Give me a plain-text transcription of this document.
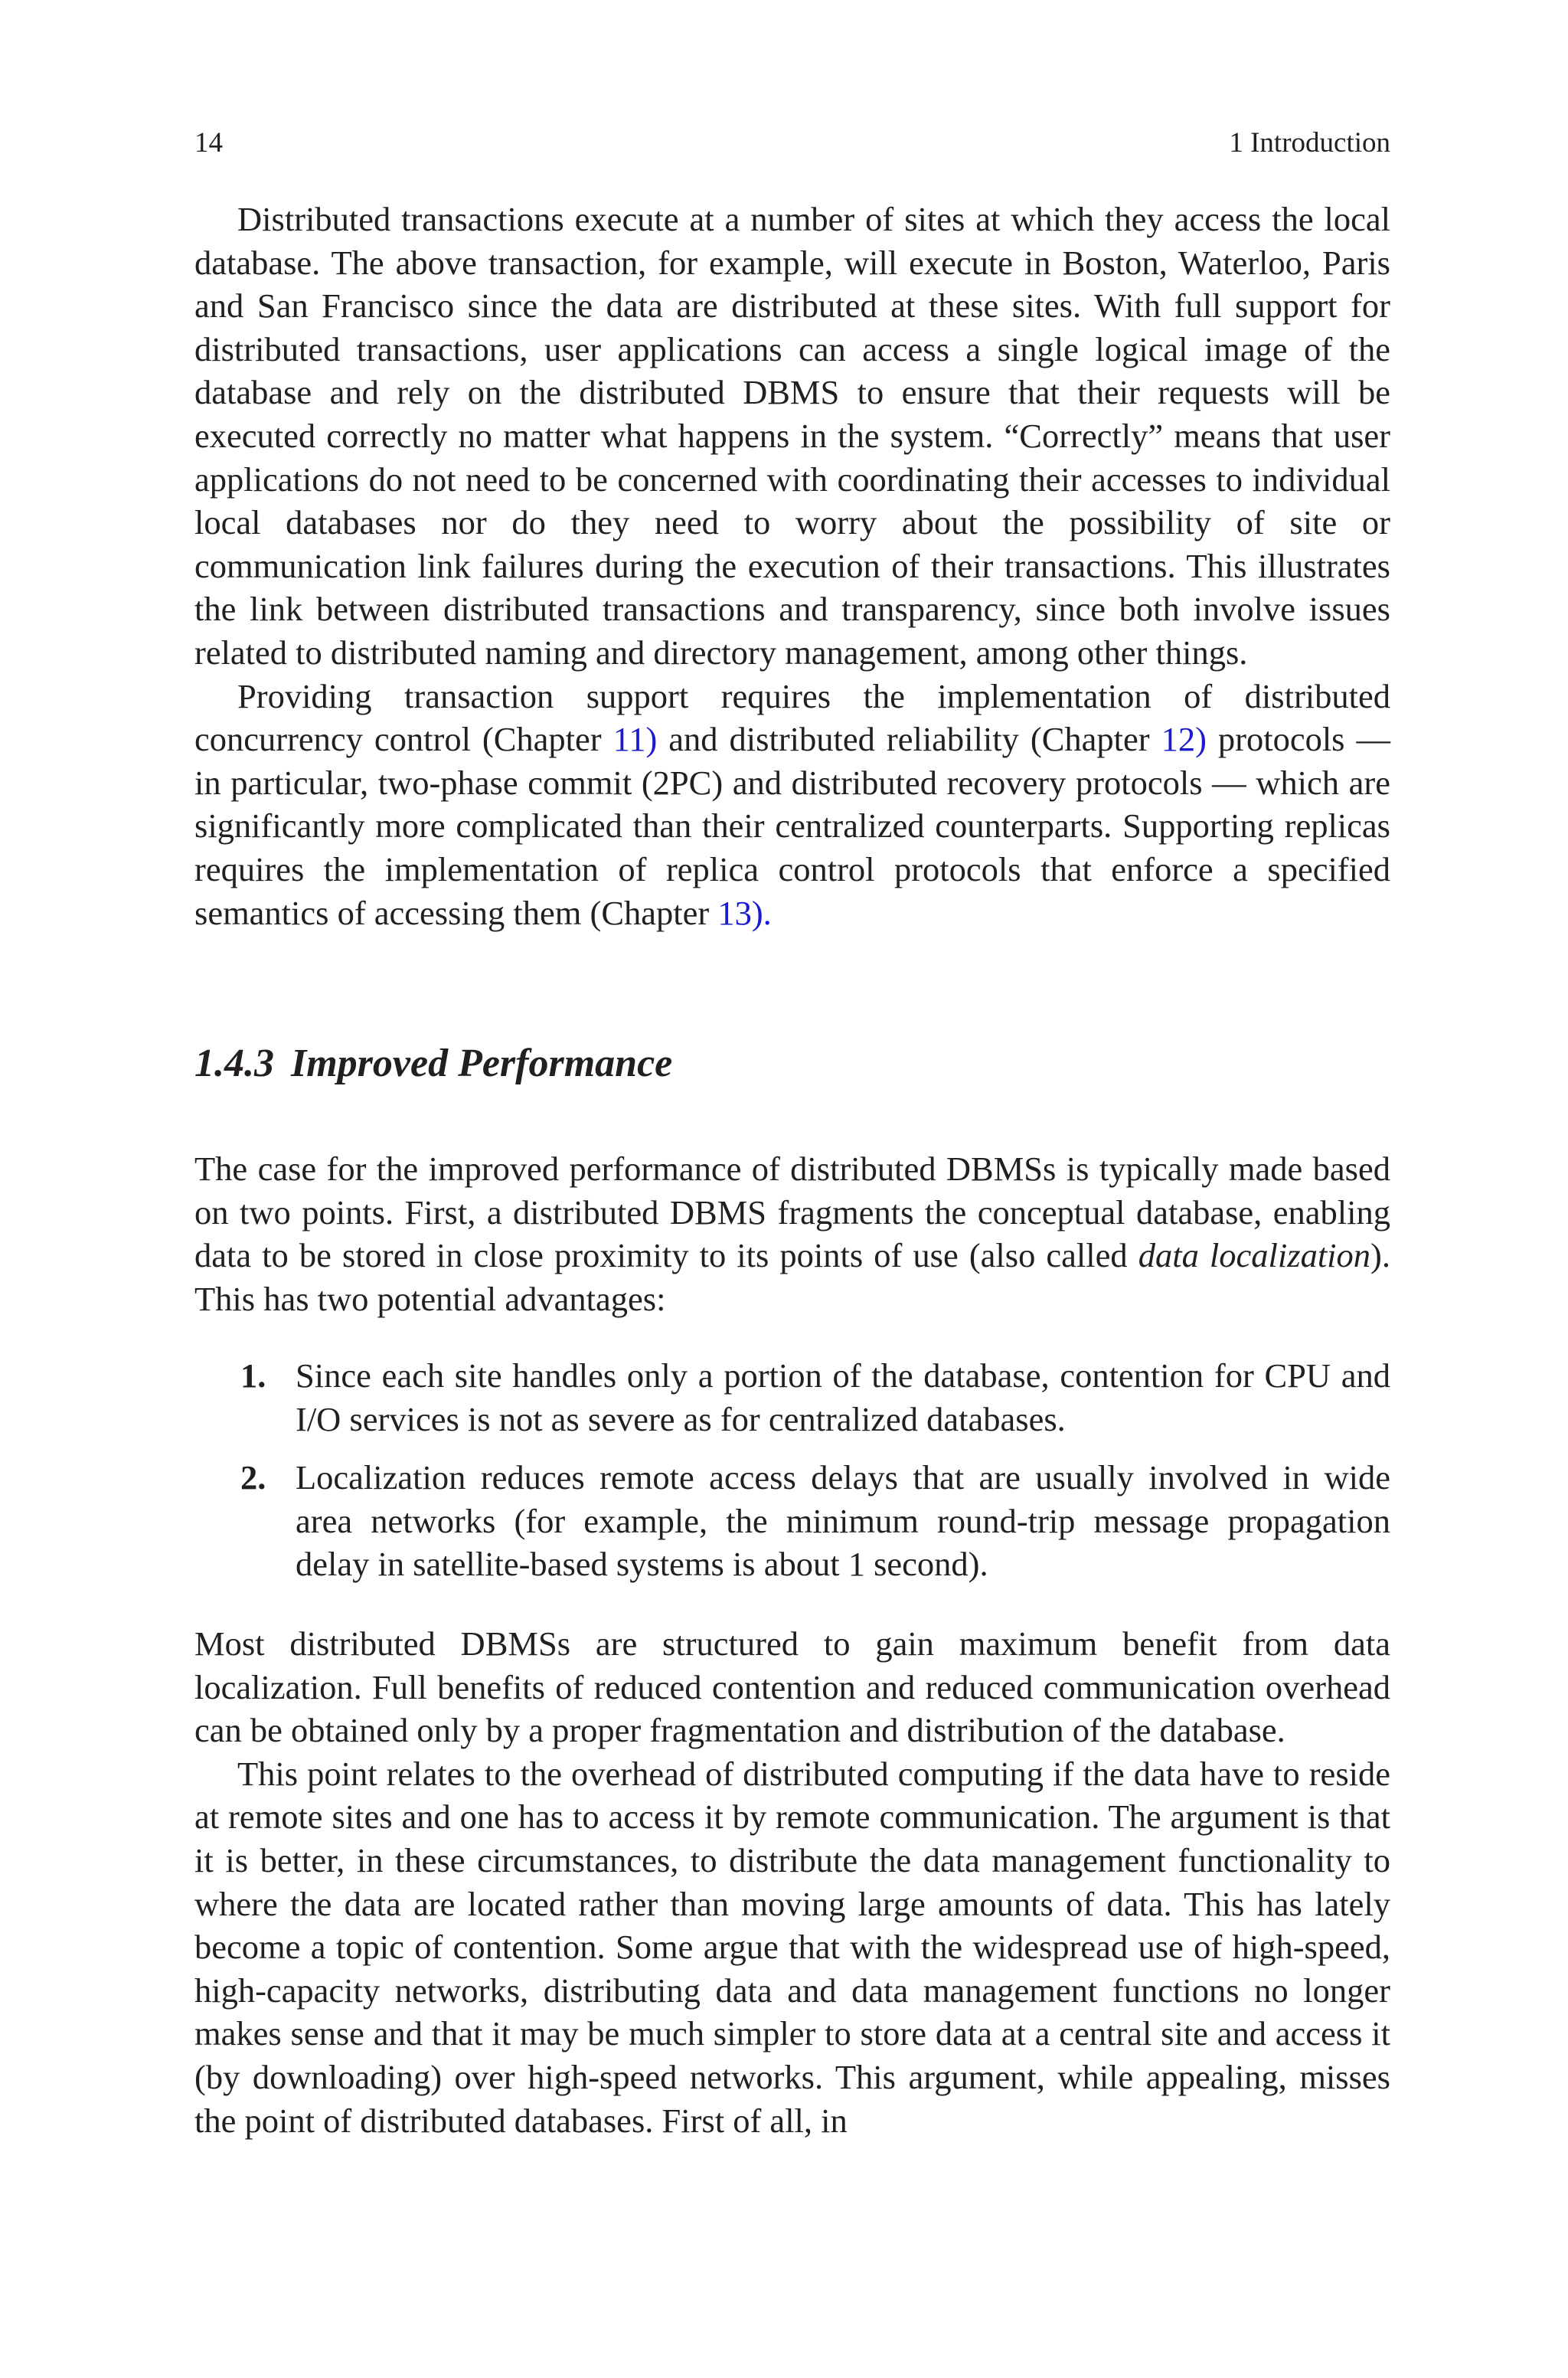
14	1 Introduction

Distributed transactions execute at a number of sites at which they access the local database. The above transaction, for example, will execute in Boston, Waterloo, Paris and San Francisco since the data are distributed at these sites. With full support for distributed transactions, user applications can access a single logical image of the database and rely on the distributed DBMS to ensure that their requests will be executed correctly no matter what happens in the system. “Correctly” means that user applications do not need to be concerned with coordinating their accesses to individual local databases nor do they need to worry about the possibility of site or communication link failures during the execution of their transactions. This illustrates the link between distributed transactions and transparency, since both involve issues related to distributed naming and directory management, among other things.

Providing transaction support requires the implementation of distributed concurrency control (Chapter 11) and distributed reliability (Chapter 12) protocols — in particular, two-phase commit (2PC) and distributed recovery protocols — which are significantly more complicated than their centralized counterparts. Supporting replicas requires the implementation of replica control protocols that enforce a specified semantics of accessing them (Chapter 13).

1.4.3 Improved Performance

The case for the improved performance of distributed DBMSs is typically made based on two points. First, a distributed DBMS fragments the conceptual database, enabling data to be stored in close proximity to its points of use (also called data localization). This has two potential advantages:

1. Since each site handles only a portion of the database, contention for CPU and I/O services is not as severe as for centralized databases.
2. Localization reduces remote access delays that are usually involved in wide area networks (for example, the minimum round-trip message propagation delay in satellite-based systems is about 1 second).

Most distributed DBMSs are structured to gain maximum benefit from data localization. Full benefits of reduced contention and reduced communication overhead can be obtained only by a proper fragmentation and distribution of the database.

This point relates to the overhead of distributed computing if the data have to reside at remote sites and one has to access it by remote communication. The argument is that it is better, in these circumstances, to distribute the data management functionality to where the data are located rather than moving large amounts of data. This has lately become a topic of contention. Some argue that with the widespread use of high-speed, high-capacity networks, distributing data and data management functions no longer makes sense and that it may be much simpler to store data at a central site and access it (by downloading) over high-speed networks. This argument, while appealing, misses the point of distributed databases. First of all, in
